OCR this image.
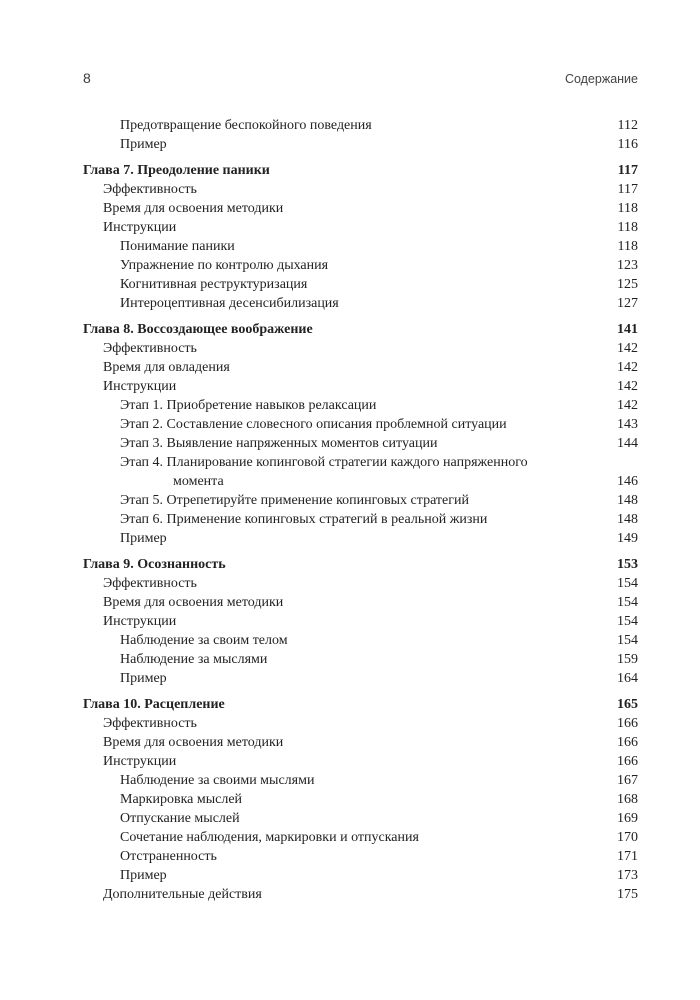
8	Содержание
Предотвращение беспокойного поведения	112
Пример	116
Глава 7. Преодоление паники	117
Эффективность	117
Время для освоения методики	118
Инструкции	118
Понимание паники	118
Упражнение по контролю дыхания	123
Когнитивная реструктуризация	125
Интероцептивная десенсибилизация	127
Глава 8. Воссоздающее воображение	141
Эффективность	142
Время для овладения	142
Инструкции	142
Этап 1. Приобретение навыков релаксации	142
Этап 2. Составление словесного описания проблемной ситуации	143
Этап 3. Выявление напряженных моментов ситуации	144
Этап 4. Планирование копинговой стратегии каждого напряженного
момента	146
Этап 5. Отрепетируйте применение копинговых стратегий	148
Этап 6. Применение копинговых стратегий в реальной жизни	148
Пример	149
Глава 9. Осознанность	153
Эффективность	154
Время для освоения методики	154
Инструкции	154
Наблюдение за своим телом	154
Наблюдение за мыслями	159
Пример	164
Глава 10. Расцепление	165
Эффективность	166
Время для освоения методики	166
Инструкции	166
Наблюдение за своими мыслями	167
Маркировка мыслей	168
Отпускание мыслей	169
Сочетание наблюдения, маркировки и отпускания	170
Отстраненность	171
Пример	173
Дополнительные действия	175
